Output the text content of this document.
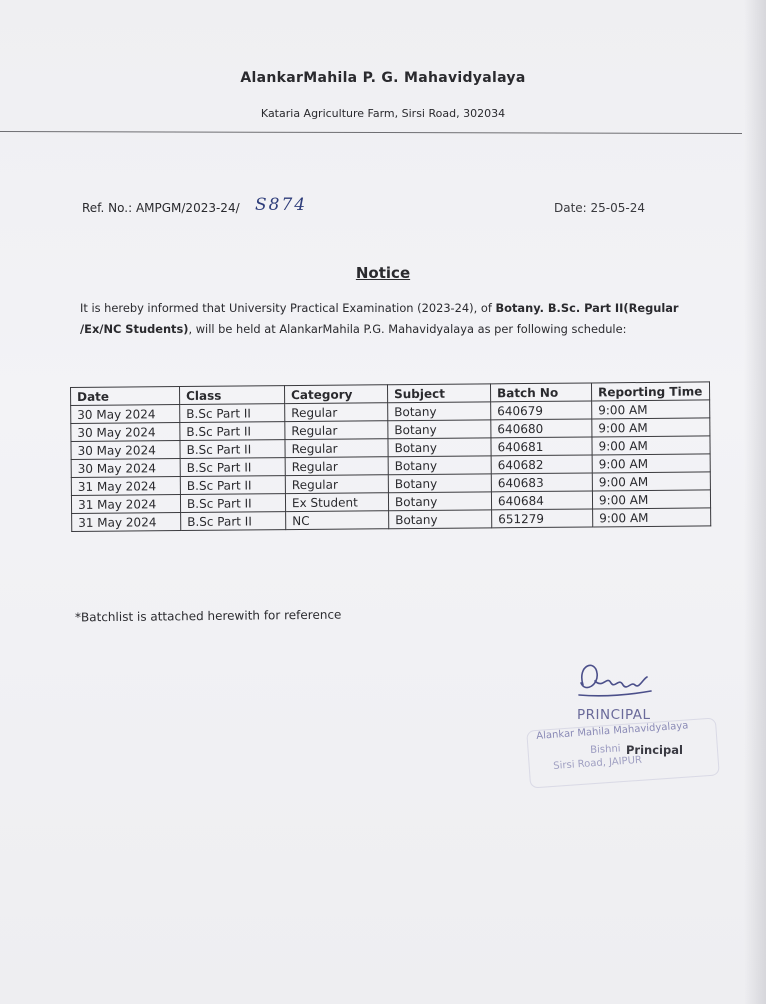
AlankarMahila P. G. Mahavidyalaya
Kataria Agriculture Farm, Sirsi Road, 302034
Ref. No.: AMPGM/2023-24/ S874	Date: 25-05-24
Notice
It is hereby informed that University Practical Examination (2023-24), of Botany. B.Sc. Part II(Regular /Ex/NC Students), will be held at AlankarMahila P.G. Mahavidyalaya as per following schedule:
Date	Class	Category	Subject	Batch No	Reporting Time
30 May 2024	B.Sc Part II	Regular	Botany	640679	9:00 AM
30 May 2024	B.Sc Part II	Regular	Botany	640680	9:00 AM
30 May 2024	B.Sc Part II	Regular	Botany	640681	9:00 AM
30 May 2024	B.Sc Part II	Regular	Botany	640682	9:00 AM
31 May 2024	B.Sc Part II	Regular	Botany	640683	9:00 AM
31 May 2024	B.Sc Part II	Ex Student	Botany	640684	9:00 AM
31 May 2024	B.Sc Part II	NC	Botany	651279	9:00 AM
*Batchlist is attached herewith for reference
PRINCIPAL
Alankar Mahila Mahavidyalaya
Bishni Principal
Sirsi Road, JAIPUR
